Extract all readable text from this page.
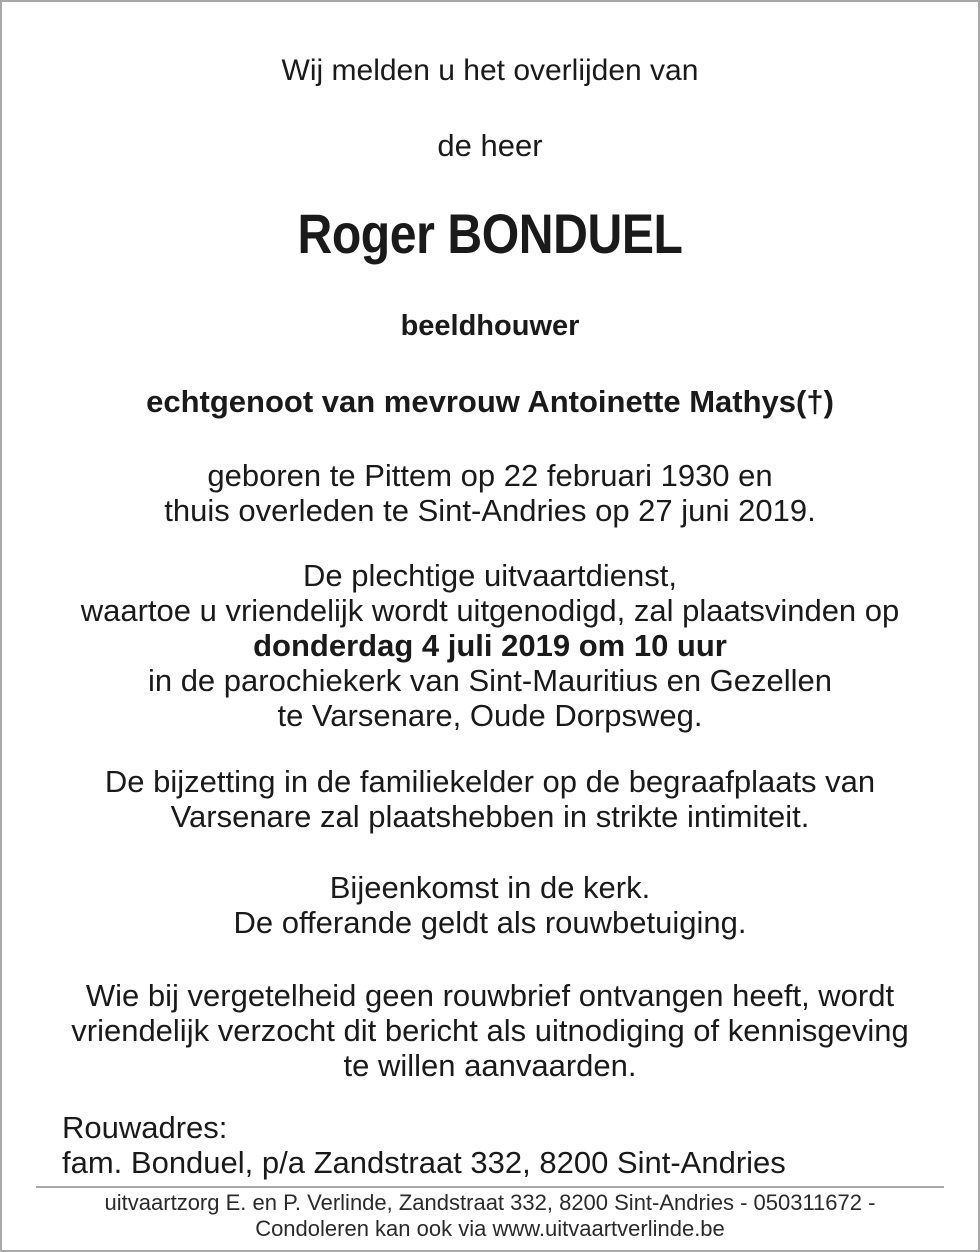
Wij melden u het overlijden van

de heer

Roger BONDUEL

beeldhouwer

echtgenoot van mevrouw Antoinette Mathys(†)

geboren te Pittem op 22 februari 1930 en
thuis overleden te Sint-Andries op 27 juni 2019.
De plechtige uitvaartdienst,
waartoe u vriendelijk wordt uitgenodigd, zal plaatsvinden op
donderdag 4 juli 2019 om 10 uur
in de parochiekerk van Sint-Mauritius en Gezellen
te Varsenare, Oude Dorpsweg.
De bijzetting in de familiekelder op de begraafplaats van
Varsenare zal plaatshebben in strikte intimiteit.
Bijeenkomst in de kerk.
De offerande geldt als rouwbetuiging.
Wie bij vergetelheid geen rouwbrief ontvangen heeft, wordt
vriendelijk verzocht dit bericht als uitnodiging of kennisgeving
te willen aanvaarden.
Rouwadres:
fam. Bonduel, p/a Zandstraat 332, 8200 Sint-Andries
uitvaartzorg E. en P. Verlinde, Zandstraat 332, 8200 Sint-Andries - 050311672 -
Condoleren kan ook via www.uitvaartverlinde.be
